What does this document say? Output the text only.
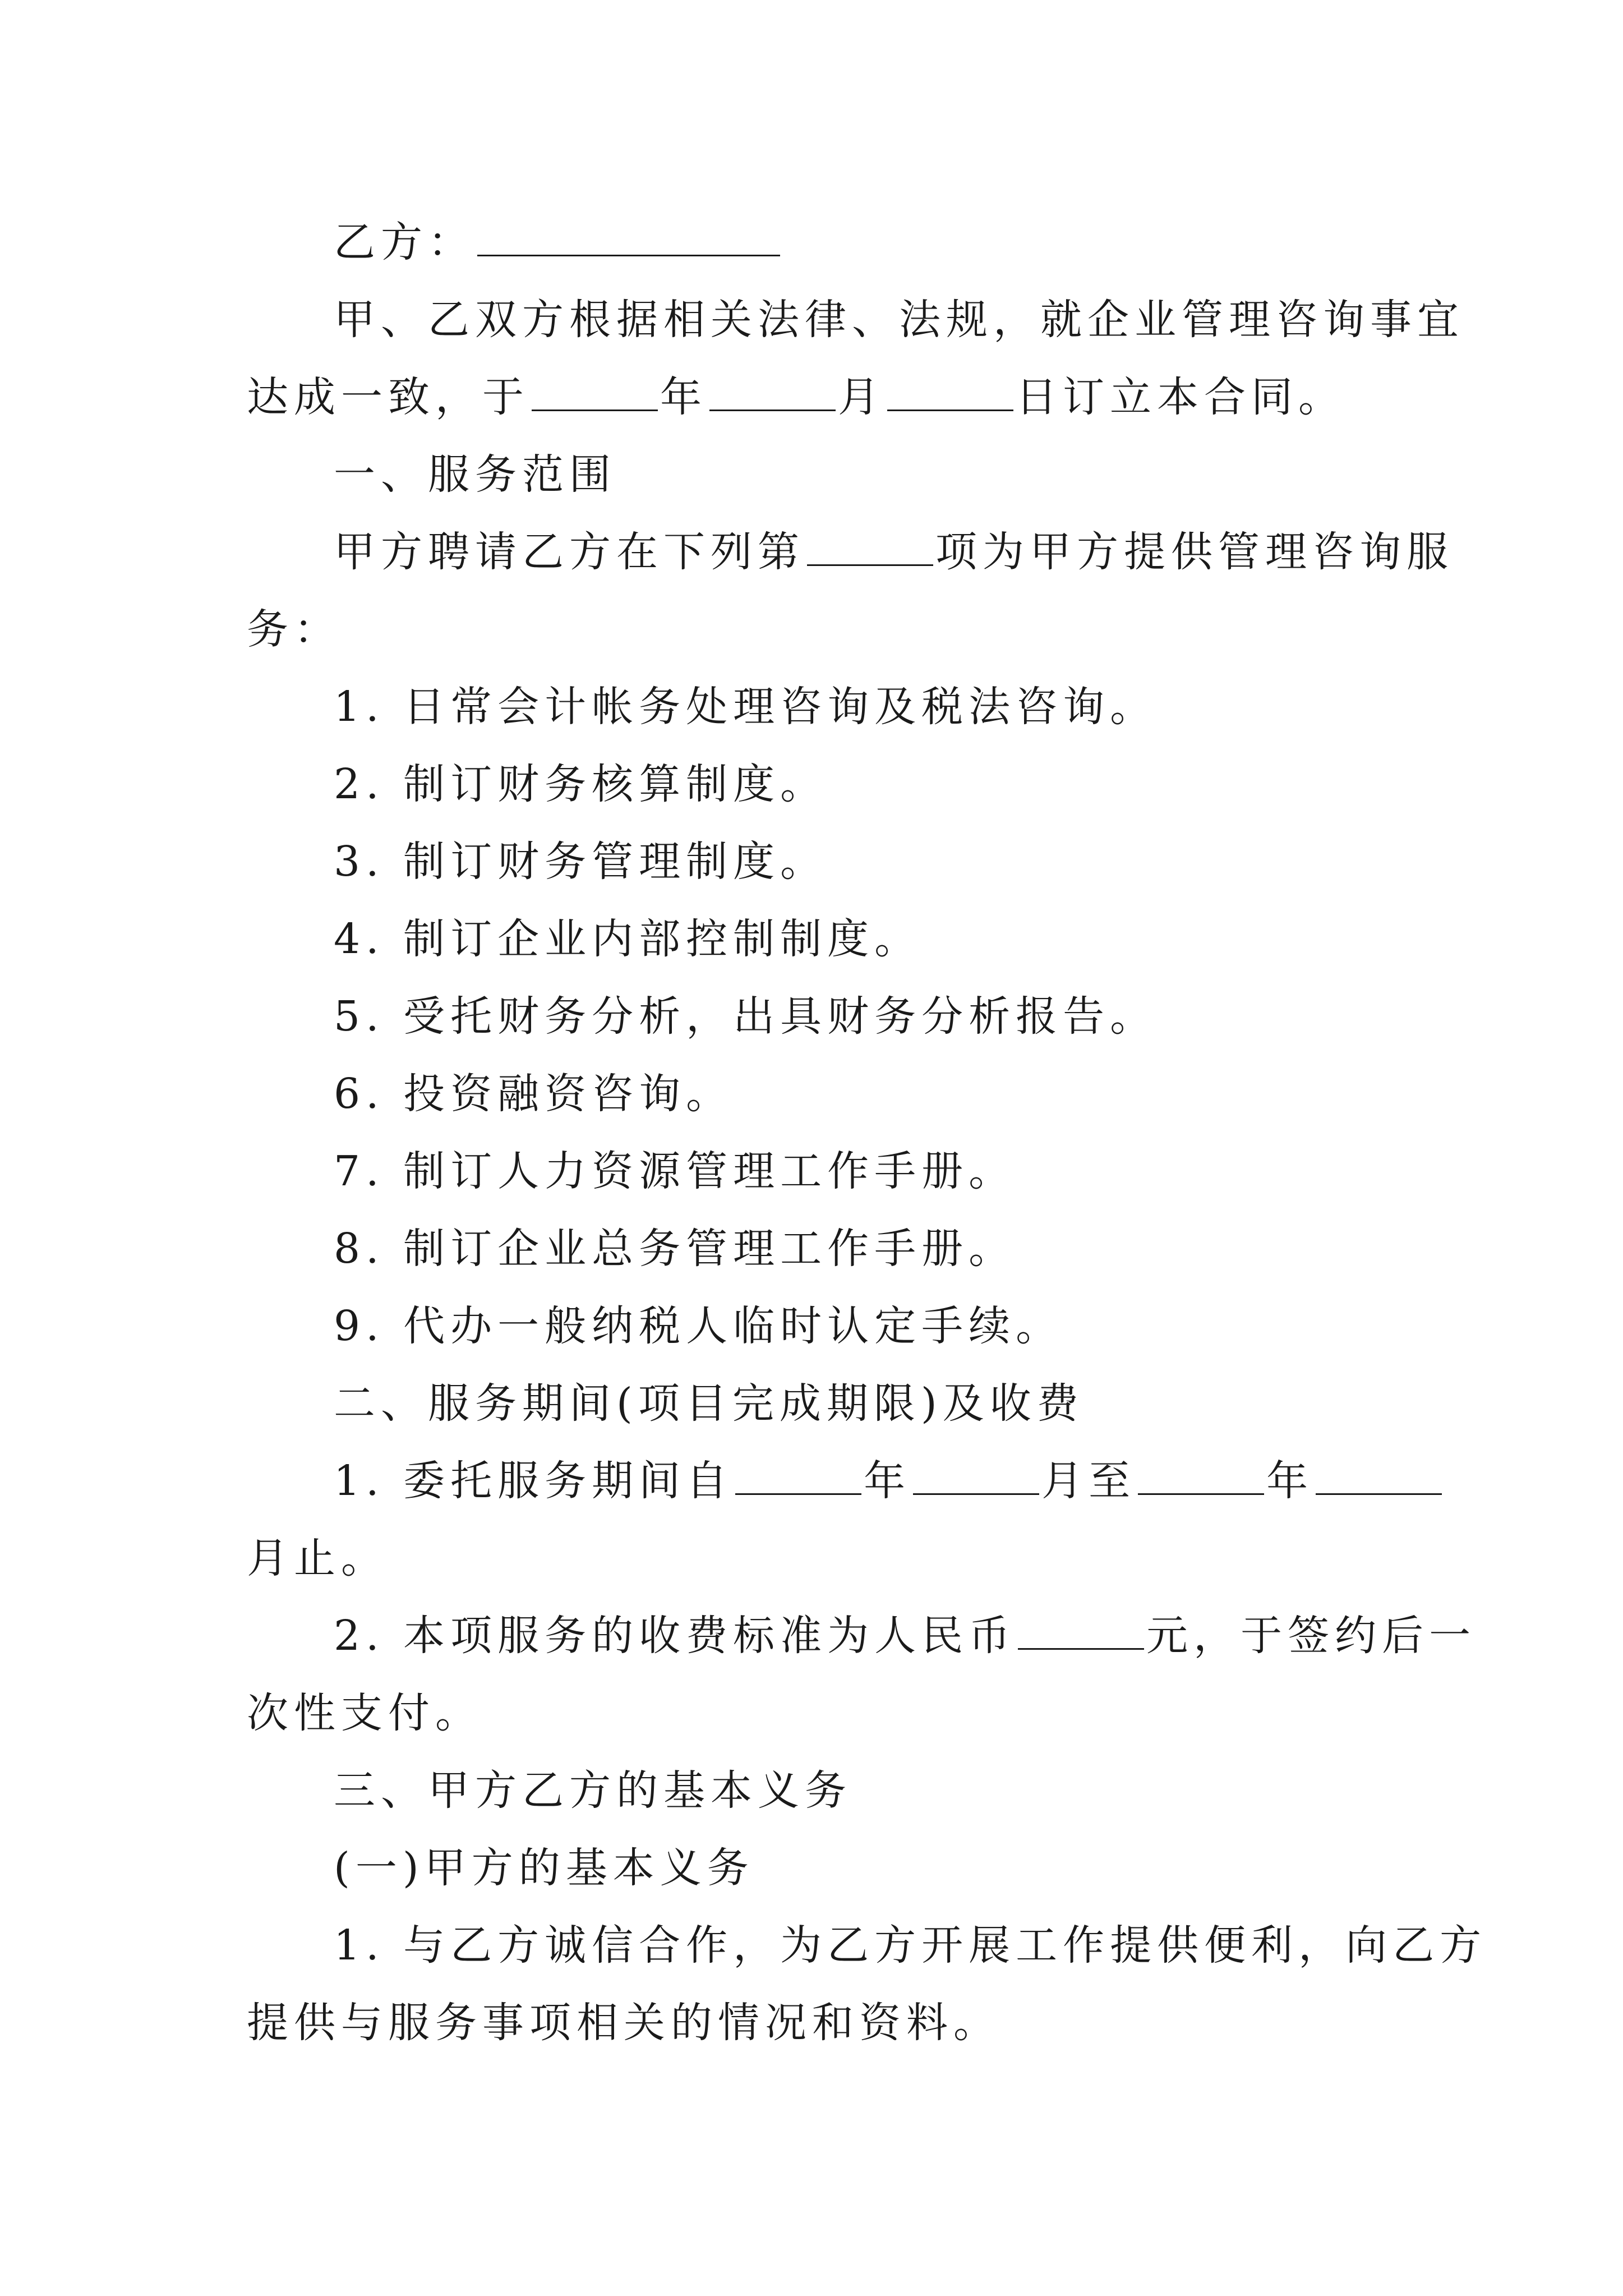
乙方：
甲、乙双方根据相关法律、法规，就企业管理咨询事宜
达成一致，于	年	月	日订立本合同。
一、服务范围
甲方聘请乙方在下列第	项为甲方提供管理咨询服
务：
1. 日常会计帐务处理咨询及税法咨询。
2. 制订财务核算制度。
3. 制订财务管理制度。
4. 制订企业内部控制制度。
5. 受托财务分析，出具财务分析报告。
6. 投资融资咨询。
7. 制订人力资源管理工作手册。
8. 制订企业总务管理工作手册。
9. 代办一般纳税人临时认定手续。
二、服务期间(项目完成期限)及收费
1. 委托服务期间自	年	月至	年
月止。
2. 本项服务的收费标准为人民币	元，于签约后一
次性支付。
三、甲方乙方的基本义务
(一)甲方的基本义务
1. 与乙方诚信合作，为乙方开展工作提供便利，向乙方
提供与服务事项相关的情况和资料。
